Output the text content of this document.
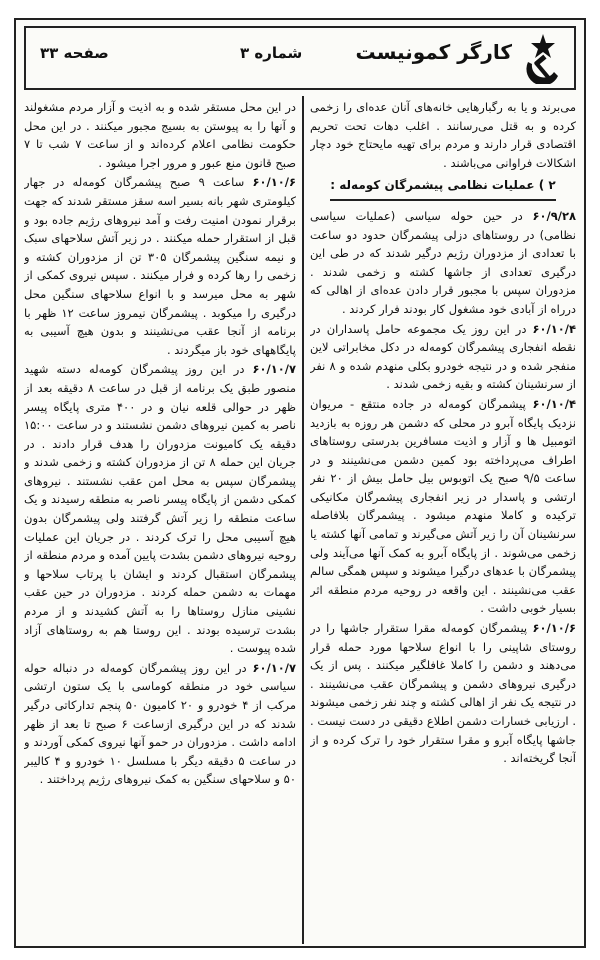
صفحه ۳۳	شماره ۳	کارگر کمونیست

می‌برند و یا به رگبارهایی خانه‌های آنان عده‌ای را زخمی کرده و به قتل می‌رسانند . اغلب دهات تحت تحریم اقتصادی قرار دارند و مردم برای تهیه مایحتاج خود دچار اشکالات فراوانی می‌باشند .

۲ ) عملیات نظامی پیشمرگان کومه‌له :

۶۰/۹/۲۸ در حین حوله سیاسی (عملیات سیاسی نظامی) در روستاهای دزلی پیشمرگان حدود دو ساعت با تعدادی از مزدوران رژیم درگیر شدند که در طی این درگیری تعدادی از جاشها کشته و زخمی شدند . مزدوران سپس با مجبور قرار دادن عده‌ای از اهالی که درراه از آبادی خود مشغول کار بودند فرار کردند .

۶۰/۱۰/۴ در این روز یک مجموعه حامل پاسداران در نقطه انفجاری پیشمرگان کومه‌له در دکل مخابراتی لاین منفجر شده و در نتیجه خودرو بکلی منهدم شده و ۸ نفر از سرنشینان کشته و بقیه زخمی شدند .

۶۰/۱۰/۴ پیشمرگان کومه‌له در جاده منتقع - مریوان نزدیک پایگاه آبرو در محلی که دشمن هر روزه به بازدید اتومبیل ها و آزار و اذیت مسافرین بدرستی روستاهای اطراف می‌پرداخته بود کمین دشمن می‌نشینند و در ساعت ۹/۵ صبح یک اتوبوس بیل حامل بیش از ۲۰ نفر ارتشی و پاسدار در زیر انفجاری پیشمرگان مکانیکی ترکیده و کاملا منهدم میشود . پیشمرگان بلافاصله سرنشینان آن را زیر آتش می‌گیرند و تمامی آنها کشته یا زخمی می‌شوند . از پایگاه آبرو به کمک آنها می‌آیند ولی پیشمرگان با عدهای درگیرا میشوند و سپس همگی سالم عقب می‌نشینند . این واقعه در روحیه مردم منطقه اثر بسیار خوبی داشت .

۶۰/۱۰/۶ پیشمرگان کومه‌له مقرا ستقرار جاشها را در روستای شاپینی را با انواع سلاحها مورد حمله قرار می‌دهند و دشمن را کاملا غافلگیر میکنند . پس از یک درگیری نیروهای دشمن و پیشمرگان عقب می‌نشینند . در نتیجه یک نفر از اهالی کشته و چند نفر زخمی میشوند . ارزیابی خسارات دشمن اطلاع دقیقی در دست نیست . جاشها پایگاه آبرو و مقرا ستقرار خود را ترک کرده و از آنجا گریخته‌اند .

در این محل مستقر شده و به اذیت و آزار مردم مشغولند و آنها را به پیوستن به بسیج مجبور میکنند . در این محل حکومت نظامی اعلام کرده‌اند و از ساعت ۷ شب تا ۷ صبح قانون منع عبور و مرور اجرا میشود .

۶۰/۱۰/۶ ساعت ۹ صبح پیشمرگان کومه‌له در جهار کیلومتری شهر بانه بسیر اسه سقز مستقر شدند که جهت برقرار نمودن امنیت رفت و آمد نیروهای رژیم جاده بود و قبل از استقرار حمله میکنند . در زیر آتش سلاحهای سبک و نیمه سنگین پیشمرگان ۳۰۵ تن از مزدوران کشته و زخمی را رها کرده و فرار میکنند . سپس نیروی کمکی از شهر به محل میرسد و با انواع سلاحهای سنگین محل درگیری را میکوبد . پیشمرگان نیمروز ساعت ۱۲ ظهر با برنامه از آنجا عقب می‌نشینند و بدون هیچ آسیبی به پایگاههای خود باز میگردند .

۶۰/۱۰/۷ در این روز پیشمرگان کومه‌له دسته شهید منصور طبق یک برنامه از قبل در ساعت ۸ دقیقه بعد از ظهر در حوالی قلعه نیان و در ۴۰۰ متری پایگاه پیسر ناصر به کمین نیروهای دشمن نشستند و در ساعت ۱۵:۰۰ دقیقه یک کامیونت مزدوران را هدف قرار دادند . در جریان این حمله ۸ تن از مزدوران کشته و زخمی شدند و پیشمرگان سپس به محل امن عقب نشستند . نیروهای کمکی دشمن از پایگاه پیسر ناصر به منطقه رسیدند و یک ساعت منطقه را زیر آتش گرفتند ولی پیشمرگان بدون هیچ آسیبی محل را ترک کردند . در جریان این عملیات روحیه نیروهای دشمن بشدت پایین آمده و مردم منطقه از پیشمرگان استقبال کردند و ایشان با پرتاب سلاحها و مهمات به دشمن حمله کردند . مزدوران در حین عقب نشینی منازل روستاها را به آتش کشیدند و از مردم بشدت ترسیده بودند . این روستا هم به روستاهای آزاد شده پیوست .

۶۰/۱۰/۷ در این روز پیشمرگان کومه‌له در دنباله حوله سیاسی خود در منطقه کوماسی با یک ستون ارتشی مرکب از ۴ خودرو و ۲۰ کامیون ۵۰ پنجم تدارکاتی درگیر شدند که در این درگیری ازساعت ۶ صبح تا بعد از ظهر ادامه داشت . مزدوران در حمو آنها نیروی کمکی آوردند و در ساعت ۵ دقیقه دیگر با مسلسل ۱۰ خودرو و ۴ کالیبر ۵۰ و سلاحهای سنگین به کمک نیروهای رژیم پرداختند .
